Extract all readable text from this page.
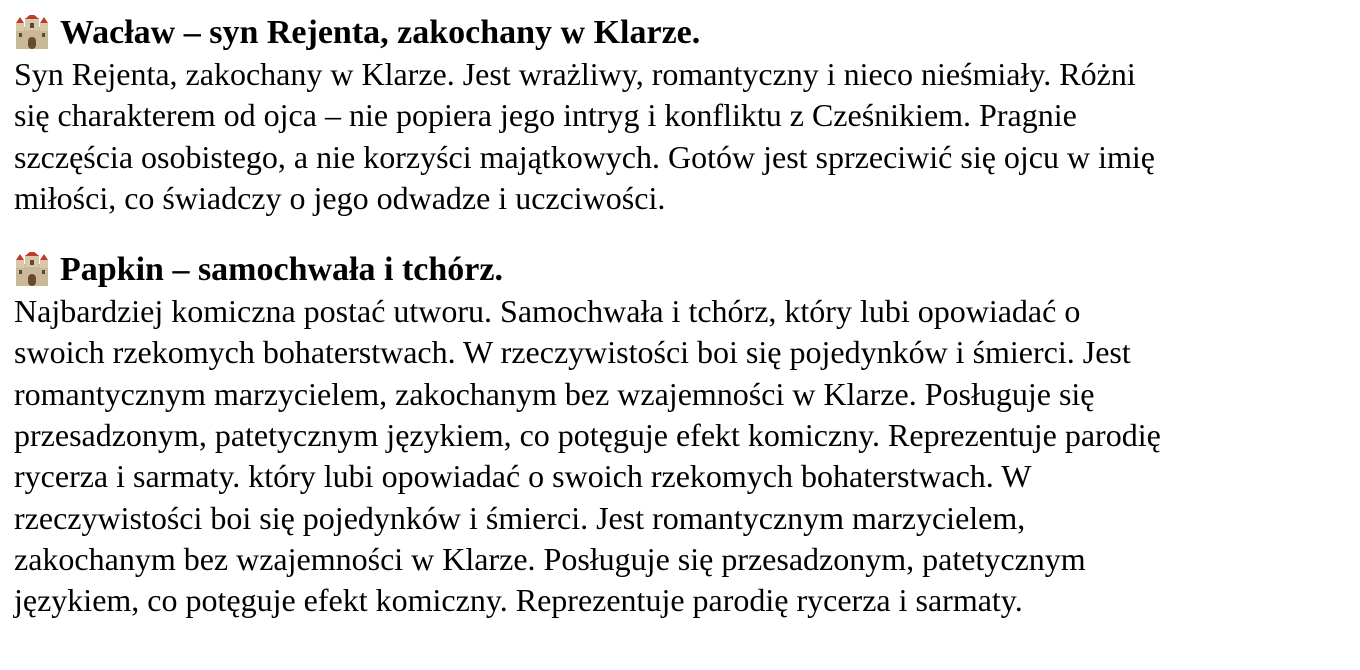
Wacław – syn Rejenta, zakochany w Klarze.
Syn Rejenta, zakochany w Klarze. Jest wrażliwy, romantyczny i nieco nieśmiały. Różni
się charakterem od ojca – nie popiera jego intryg i konfliktu z Cześnikiem. Pragnie
szczęścia osobistego, a nie korzyści majątkowych. Gotów jest sprzeciwić się ojcu w imię
miłości, co świadczy o jego odwadze i uczciwości.
Papkin – samochwała i tchórz.
Najbardziej komiczna postać utworu. Samochwała i tchórz, który lubi opowiadać o
swoich rzekomych bohaterstwach. W rzeczywistości boi się pojedynków i śmierci. Jest
romantycznym marzycielem, zakochanym bez wzajemności w Klarze. Posługuje się
przesadzonym, patetycznym językiem, co potęguje efekt komiczny. Reprezentuje parodię
rycerza i sarmaty. który lubi opowiadać o swoich rzekomych bohaterstwach. W
rzeczywistości boi się pojedynków i śmierci. Jest romantycznym marzycielem,
zakochanym bez wzajemności w Klarze. Posługuje się przesadzonym, patetycznym
językiem, co potęguje efekt komiczny. Reprezentuje parodię rycerza i sarmaty.
